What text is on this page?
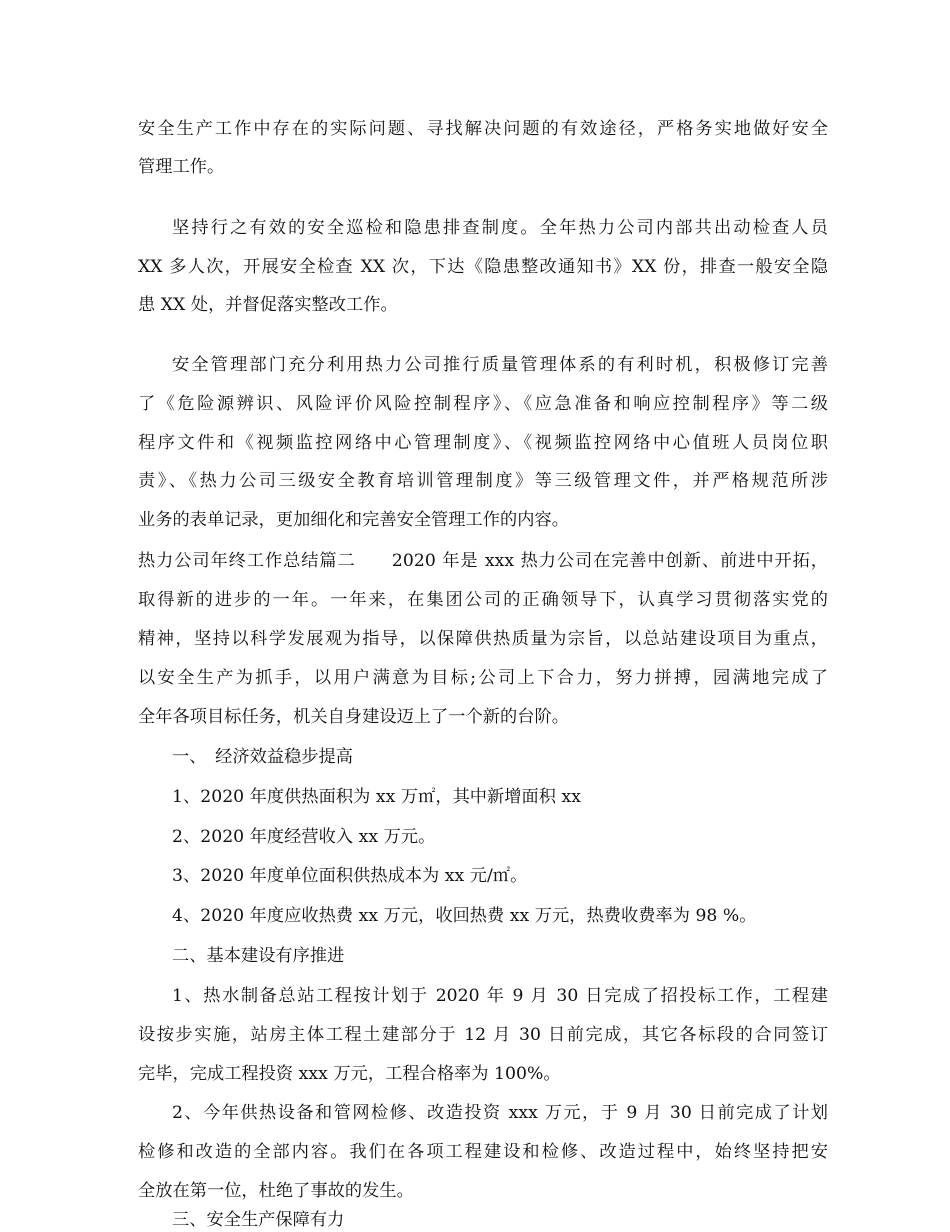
安全生产工作中存在的实际问题、寻找解决问题的有效途径，严格务实地做好安全
管理工作。
坚持行之有效的安全巡检和隐患排查制度。全年热力公司内部共出动检查人员
XX 多人次，开展安全检查 XX 次，下达《隐患整改通知书》XX 份，排查一般安全隐
患 XX 处，并督促落实整改工作。
安全管理部门充分利用热力公司推行质量管理体系的有利时机，积极修订完善
了《危险源辨识、风险评价风险控制程序》、《应急准备和响应控制程序》等二级
程序文件和《视频监控网络中心管理制度》、《视频监控网络中心值班人员岗位职
责》、《热力公司三级安全教育培训管理制度》等三级管理文件，并严格规范所涉
业务的表单记录，更加细化和完善安全管理工作的内容。
热力公司年终工作总结篇二　　2020 年是 xxx 热力公司在完善中创新、前进中开拓，
取得新的进步的一年。一年来，在集团公司的正确领导下，认真学习贯彻落实党的
精神，坚持以科学发展观为指导，以保障供热质量为宗旨，以总站建设项目为重点，
以安全生产为抓手，以用户满意为目标;公司上下合力，努力拼搏，园满地完成了
全年各项目标任务，机关自身建设迈上了一个新的台阶。
一、　经济效益稳步提高
1、2020 年度供热面积为 xx 万㎡，其中新增面积 xx
2、2020 年度经营收入 xx 万元。
3、2020 年度单位面积供热成本为 xx 元/㎡。
4、2020 年度应收热费 xx 万元，收回热费 xx 万元，热费收费率为 98 %。
二、基本建设有序推进
1、热水制备总站工程按计划于 2020 年 9 月 30 日完成了招投标工作，工程建
设按步实施，站房主体工程土建部分于 12 月 30 日前完成，其它各标段的合同签订
完毕，完成工程投资 xxx 万元，工程合格率为 100%。
2、今年供热设备和管网检修、改造投资 xxx 万元，于 9 月 30 日前完成了计划
检修和改造的全部内容。我们在各项工程建设和检修、改造过程中，始终坚持把安
全放在第一位，杜绝了事故的发生。
三、安全生产保障有力
